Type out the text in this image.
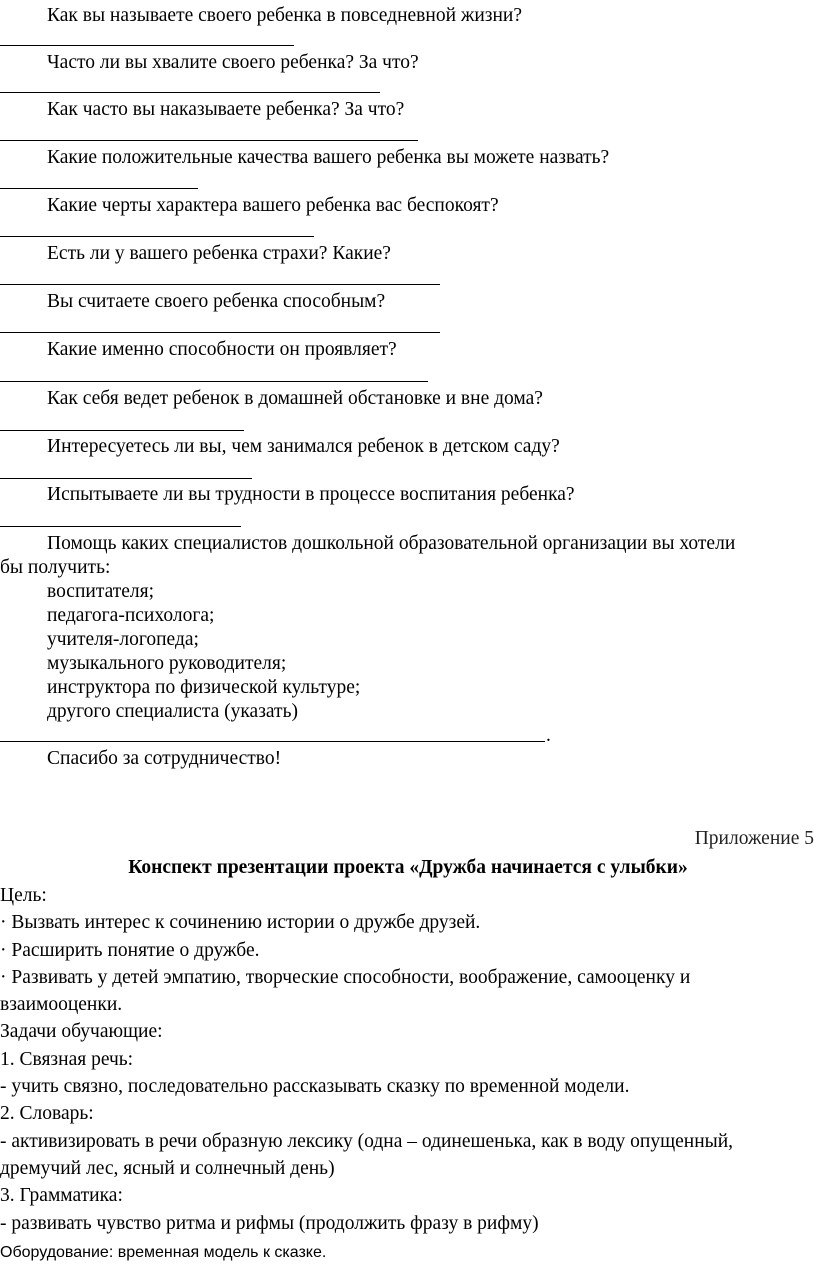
Как вы называете своего ребенка в повседневной жизни?

Часто ли вы хвалите своего ребенка? За что?

Как часто вы наказываете ребенка? За что?

Какие положительные качества вашего ребенка вы можете назвать?

Какие черты характера вашего ребенка вас беспокоят?

Есть ли у вашего ребенка страхи? Какие?

Вы считаете своего ребенка способным?

Какие именно способности он проявляет?

Как себя ведет ребенок в домашней обстановке и вне дома?

Интересуетесь ли вы, чем занимался ребенок в детском саду?

Испытываете ли вы трудности в процессе воспитания ребенка?

Помощь каких специалистов дошкольной образовательной организации вы хотели

бы получить:

воспитателя;

педагога-психолога;

учителя-логопеда;

музыкального руководителя;

инструктора по физической культуре;

другого специалиста (указать)

.

Спасибо за сотрудничество!

Приложение 5

Конспект презентации проекта «Дружба начинается с улыбки»

Цель:

· Вызвать интерес к сочинению истории о дружбе друзей.

· Расширить понятие о дружбе.

· Развивать у детей эмпатию, творческие способности, воображение, самооценку и

взаимооценки.

Задачи обучающие:

1. Связная речь:

- учить связно, последовательно рассказывать сказку по временной модели.

2. Словарь:

- активизировать в речи образную лексику (одна – одинешенька, как в воду опущенный,

дремучий лес, ясный и солнечный день)

3. Грамматика:

- развивать чувство ритма и рифмы (продолжить фразу в рифму)

Оборудование: временная модель к сказке.
